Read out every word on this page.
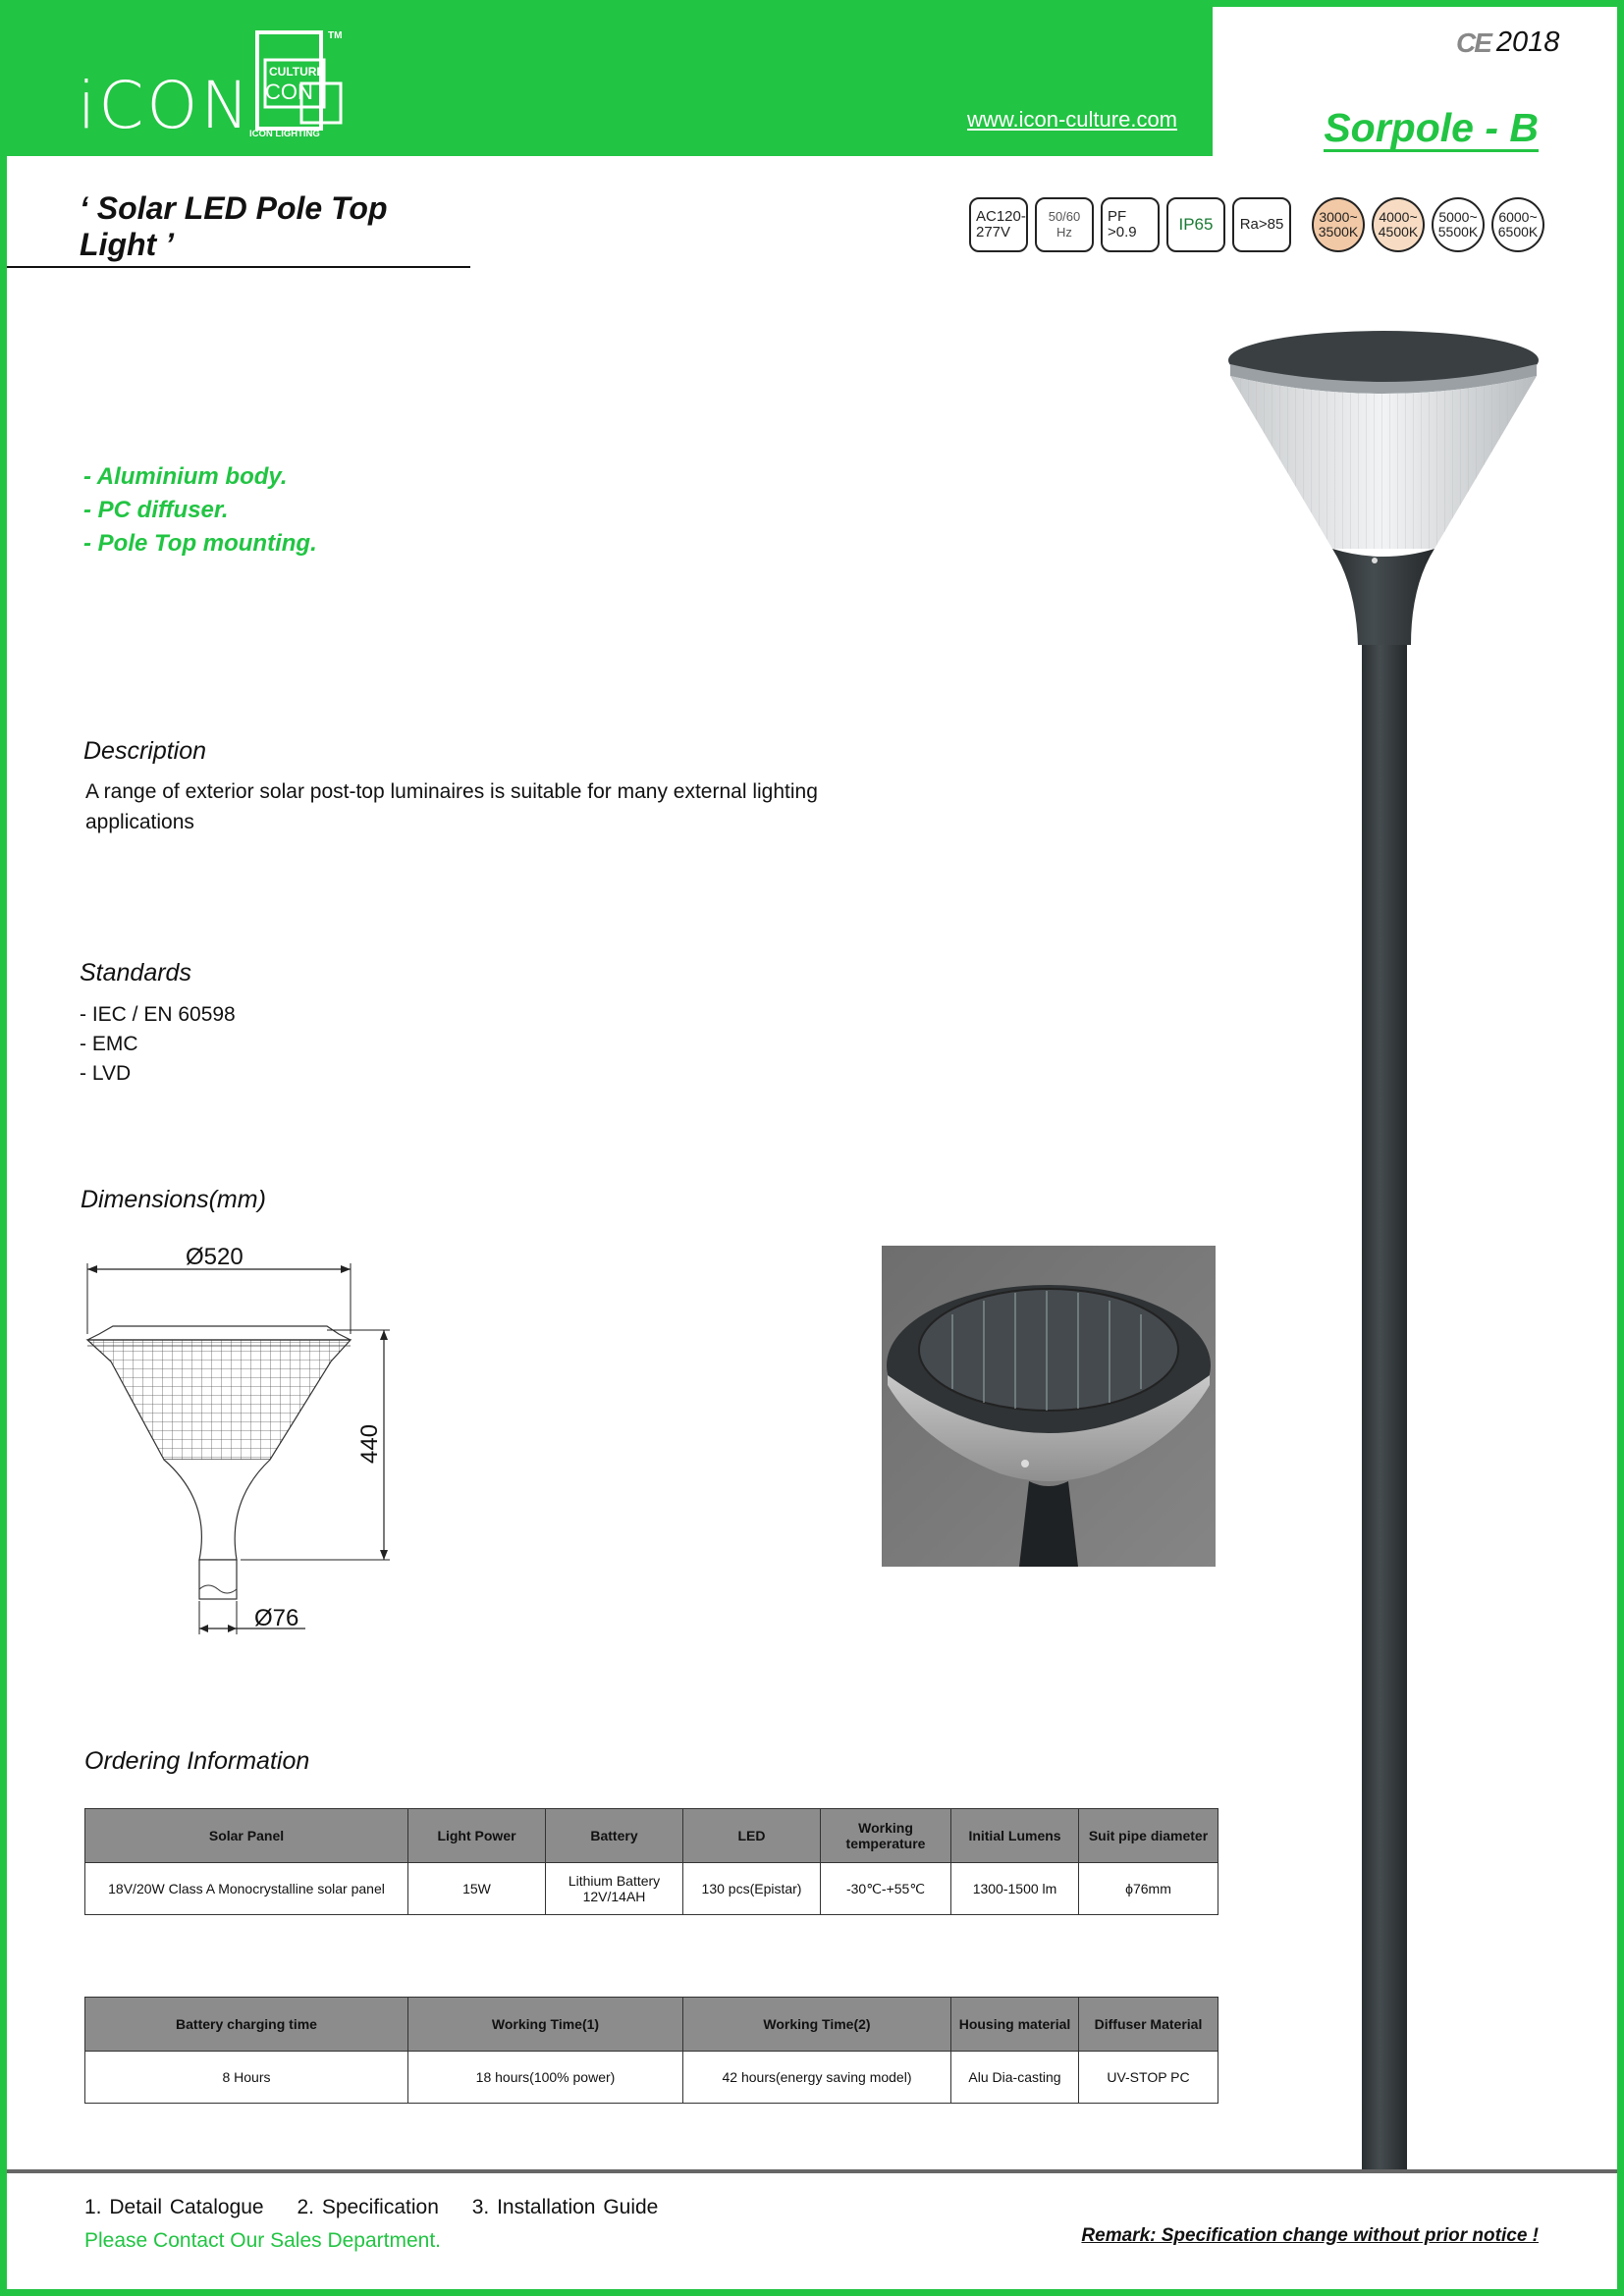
iCON CULTURE
CON
ICON LIGHTING
TM
www.icon-culture.com
CE 2018
Sorpole - B
‘ Solar LED Pole Top Light ’
AC120-
277V
50/60
Hz
PF
>0.9	IP65 Ra>85	3000~
3500K
4000~
4500K
5000~
5500K
6000~
6500K
- Aluminium body.
- PC diffuser.
- Pole Top mounting.
Description
A range of exterior solar post-top luminaires is suitable for many external lighting applications
Standards
- IEC / EN 60598
- EMC
- LVD
Dimensions(mm)
Ø520
440
Ø76
Ordering Information
Solar Panel	Light Power	Battery	LED	Working temperature	Initial Lumens	Suit pipe diameter
18V/20W Class A Monocrystalline solar panel	15W	Lithium Battery 12V/14AH	130 pcs(Epistar)	-30℃-+55℃	1300-1500 lm	ϕ76mm
Battery charging time	Working Time(1)	Working Time(2)	Housing material	Diffuser Material
8 Hours	18 hours(100% power)	42 hours(energy saving model)	Alu Dia-casting	UV-STOP PC
1. Detail Catalogue 2. Specification 3. Installation Guide
Please Contact Our Sales Department.	Remark: Specification change without prior notice !
